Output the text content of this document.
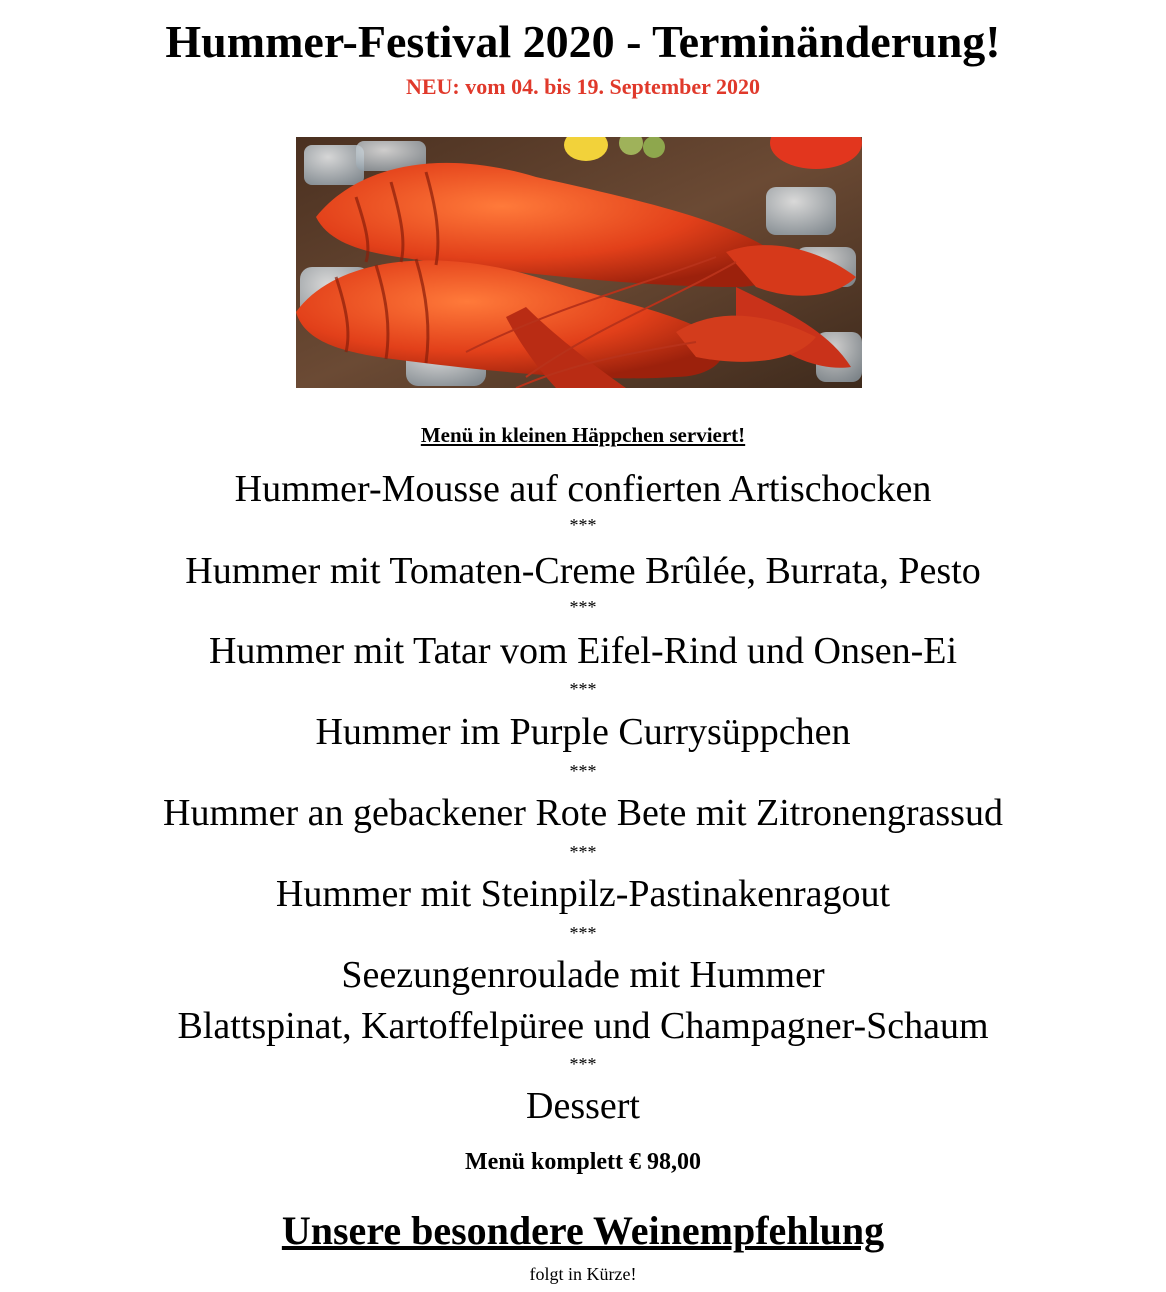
Hummer-Festival 2020 - Terminänderung!
NEU: vom 04. bis 19. September 2020
Menü in kleinen Häppchen serviert!
Hummer-Mousse auf confierten Artischocken
***
Hummer mit Tomaten-Creme Brûlée, Burrata, Pesto
***
Hummer mit Tatar vom Eifel-Rind und Onsen-Ei
***
Hummer im Purple Currysüppchen
***
Hummer an gebackener Rote Bete mit Zitronengrassud
***
Hummer mit Steinpilz-Pastinakenragout
***
Seezungenroulade mit Hummer
Blattspinat, Kartoffelpüree und Champagner-Schaum
***
Dessert
Menü komplett € 98,00
Unsere besondere Weinempfehlung
folgt in Kürze!
